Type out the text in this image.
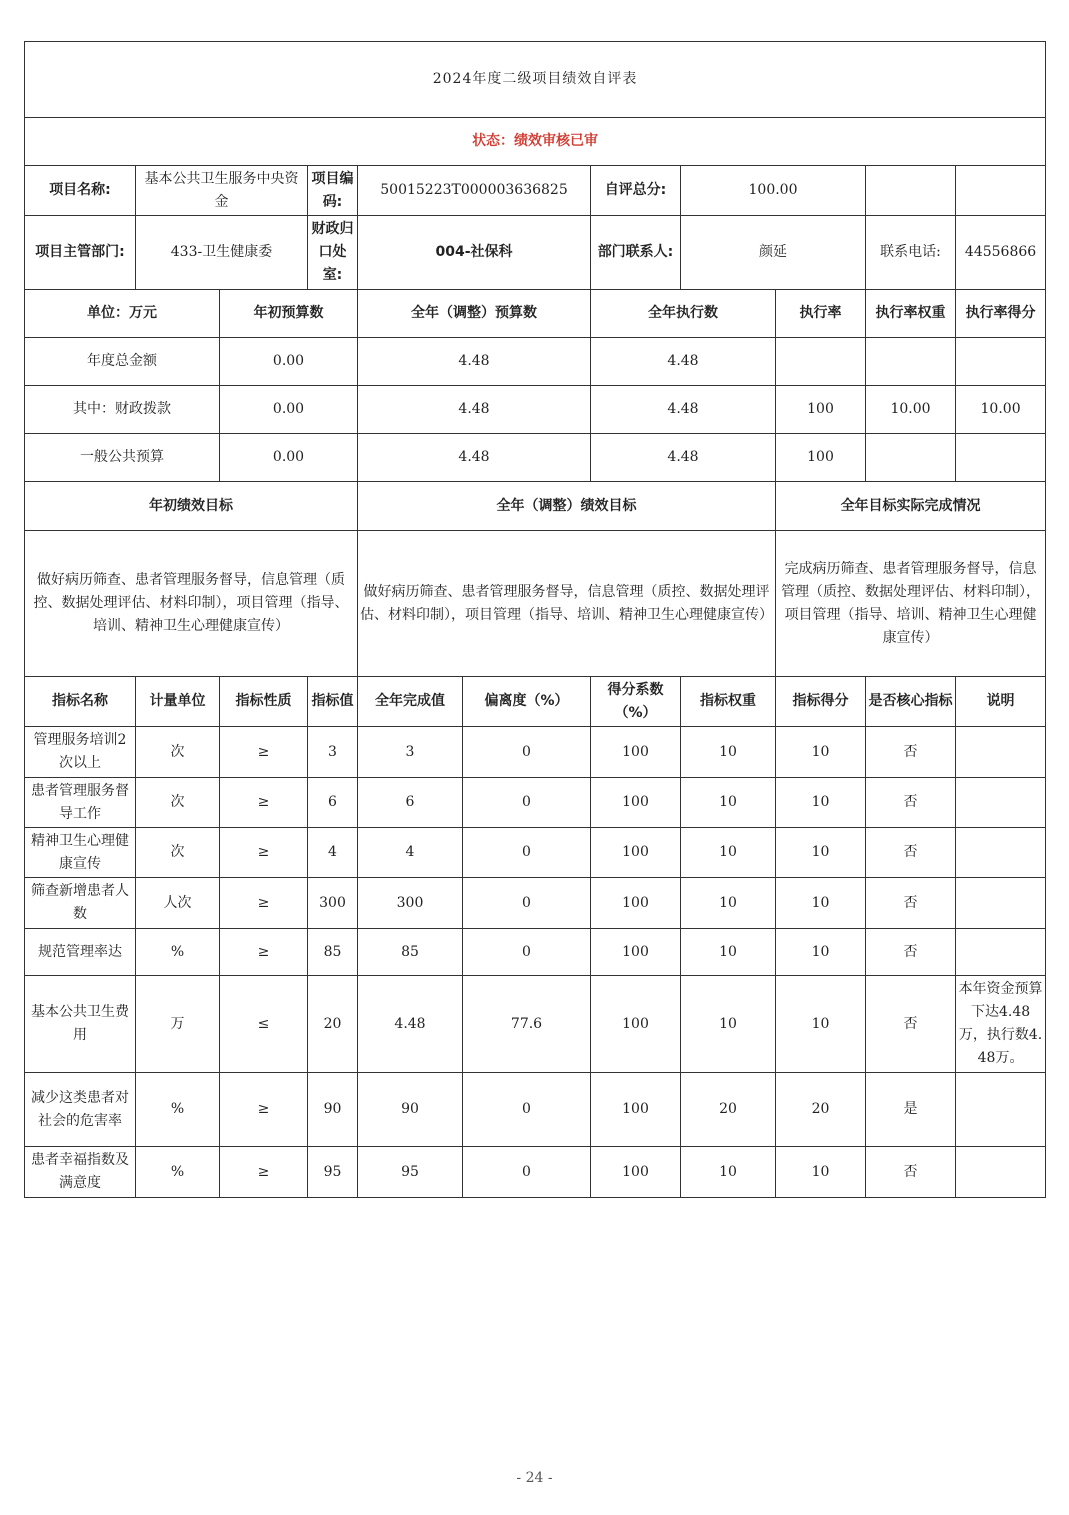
2024年度二级项目绩效自评表										
状态：绩效审核已审										
项目名称:	基本公共卫生服务中央资金		项目编码:	50015223T000003636825		自评总分:	100.00			
项目主管部门:	433-卫生健康委		财政归口处室:	004-社保科		部门联系人:	颜延		联系电话:	44556866
单位：万元		年初预算数		全年（调整）预算数		全年执行数		执行率	执行率权重	执行率得分
年度总金额		0.00		4.48		4.48				
其中：财政拨款		0.00		4.48		4.48		100	10.00	10.00
一般公共预算		0.00		4.48		4.48		100		
年初绩效目标				全年（调整）绩效目标				全年目标实际完成情况		
做好病历筛查、患者管理服务督导，信息管理（质控、数据处理评估、材料印制），项目管理（指导、培训、精神卫生心理健康宣传）				做好病历筛查、患者管理服务督导，信息管理（质控、数据处理评估、材料印制），项目管理（指导、培训、精神卫生心理健康宣传）				完成病历筛查、患者管理服务督导，信息管理（质控、数据处理评估、材料印制），项目管理（指导、培训、精神卫生心理健康宣传）		
指标名称	计量单位	指标性质	指标值	全年完成值	偏离度（%）	得分系数（%）	指标权重	指标得分	是否核心指标	说明
管理服务培训2次以上	次	≥	3	3	0	100	10	10	否	
患者管理服务督导工作	次	≥	6	6	0	100	10	10	否	
精神卫生心理健康宣传	次	≥	4	4	0	100	10	10	否	
筛查新增患者人数	人次	≥	300	300	0	100	10	10	否	
规范管理率达	%	≥	85	85	0	100	10	10	否	
基本公共卫生费用	万	≤	20	4.48	77.6	100	10	10	否	本年资金预算下达4.48万，执行数4.48万。
减少这类患者对社会的危害率	%	≥	90	90	0	100	20	20	是	
患者幸福指数及满意度	%	≥	95	95	0	100	10	10	否	
- 24 -
